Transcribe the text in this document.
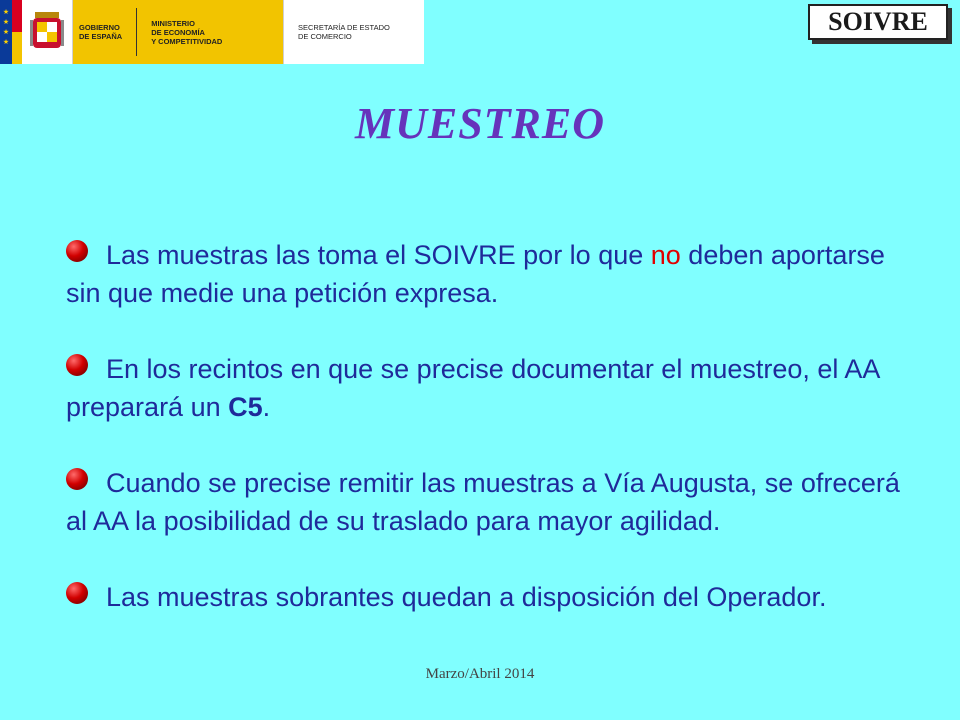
★
★
★
★
GOBIERNO
DE ESPAÑA
MINISTERIO
DE ECONOMÍA
Y COMPETITIVIDAD
SECRETARÍA DE ESTADO
DE COMERCIO
SOIVRE
MUESTREO

Las muestras las toma el SOIVRE por lo que no deben aportarse sin que medie una petición expresa.

En los recintos en que se precise documentar el muestreo, el AA preparará un C5.

Cuando se precise remitir las muestras a Vía Augusta, se ofrecerá al AA la posibilidad de su traslado para mayor agilidad.

Las muestras sobrantes quedan a disposición del Operador.

Marzo/Abril 2014
